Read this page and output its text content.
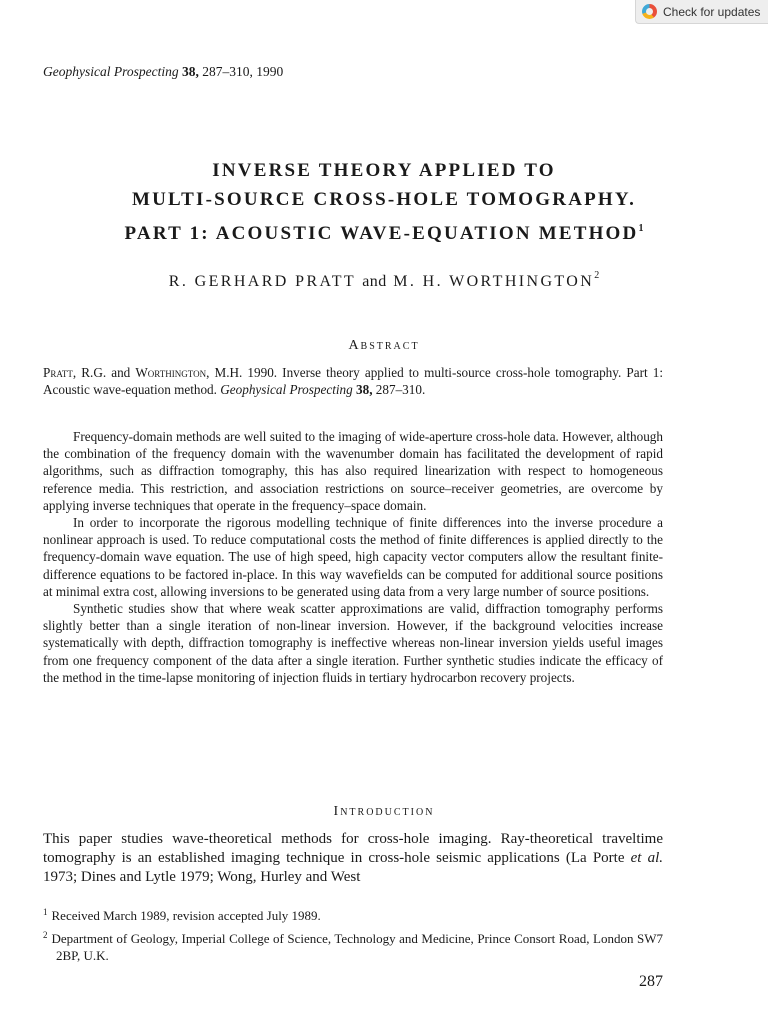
Check for updates
Geophysical Prospecting 38, 287–310, 1990
INVERSE THEORY APPLIED TO
MULTI-SOURCE CROSS-HOLE TOMOGRAPHY.
PART 1: ACOUSTIC WAVE-EQUATION METHOD$^1$
R. GERHARD PRATT and M. H. WORTHINGTON$^2$
Abstract

Pratt, R.G. and Worthington, M.H. 1990. Inverse theory applied to multi-source cross-hole tomography. Part 1: Acoustic wave-equation method. Geophysical Prospecting 38, 287–310.

Frequency-domain methods are well suited to the imaging of wide-aperture cross-hole data. However, although the combination of the frequency domain with the wavenumber domain has facilitated the development of rapid algorithms, such as diffraction tomography, this has also required linearization with respect to homogeneous reference media. This restriction, and association restrictions on source–receiver geometries, are overcome by applying inverse techniques that operate in the frequency–space domain.

In order to incorporate the rigorous modelling technique of finite differences into the inverse procedure a nonlinear approach is used. To reduce computational costs the method of finite differences is applied directly to the frequency-domain wave equation. The use of high speed, high capacity vector computers allow the resultant finite-difference equations to be factored in-place. In this way wavefields can be computed for additional source positions at minimal extra cost, allowing inversions to be generated using data from a very large number of source positions.

Synthetic studies show that where weak scatter approximations are valid, diffraction tomography performs slightly better than a single iteration of non-linear inversion. However, if the background velocities increase systematically with depth, diffraction tomography is ineffective whereas non-linear inversion yields useful images from one frequency component of the data after a single iteration. Further synthetic studies indicate the efficacy of the method in the time-lapse monitoring of injection fluids in tertiary hydrocarbon recovery projects.

Introduction

This paper studies wave-theoretical methods for cross-hole imaging. Ray-theoretical traveltime tomography is an established imaging technique in cross-hole seismic applications (La Porte et al. 1973; Dines and Lytle 1979; Wong, Hurley and West

$^1$ Received March 1989, revision accepted July 1989.
$^2$ Department of Geology, Imperial College of Science, Technology and Medicine, Prince Consort Road, London SW7 2BP, U.K.
287
